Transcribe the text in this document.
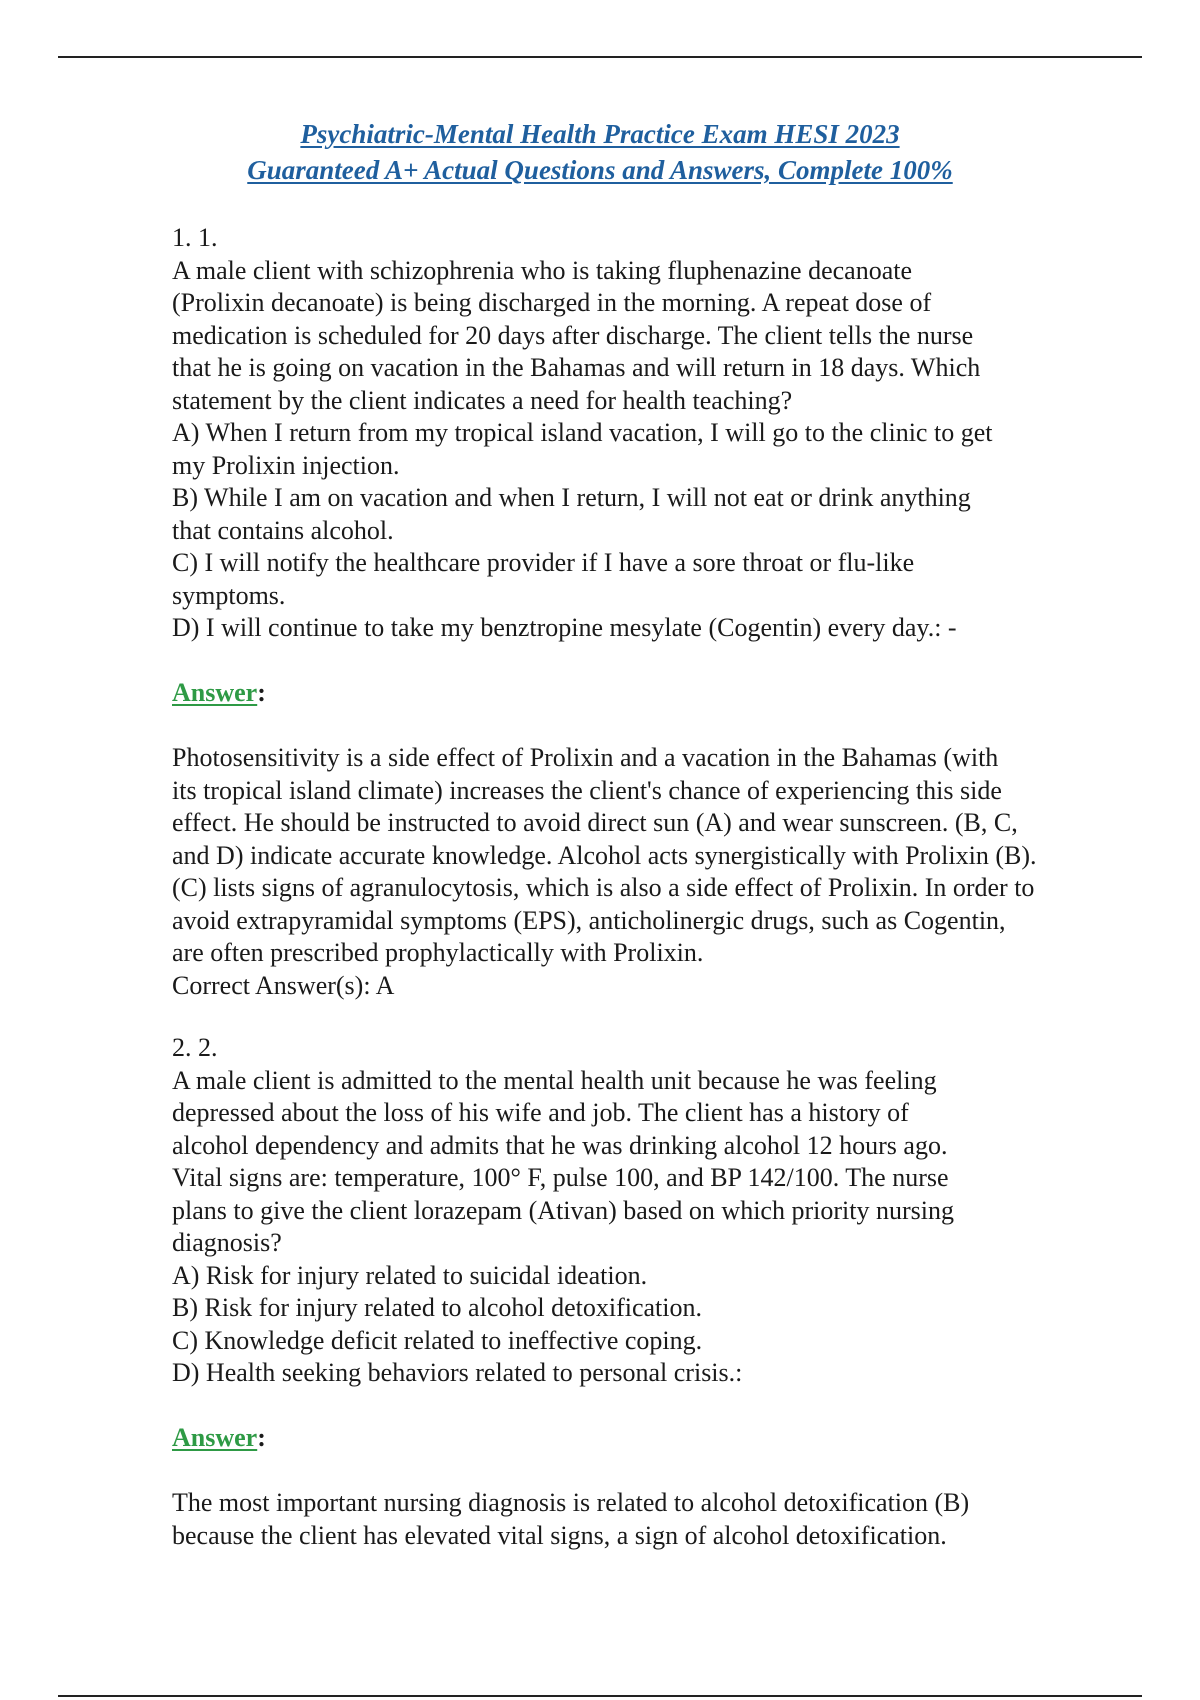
Psychiatric-Mental Health Practice Exam HESI 2023
Guaranteed A+ Actual Questions and Answers, Complete 100%
1. 1.
A male client with schizophrenia who is taking fluphenazine decanoate
(Prolixin decanoate) is being discharged in the morning. A repeat dose of
medication is scheduled for 20 days after discharge. The client tells the nurse
that he is going on vacation in the Bahamas and will return in 18 days. Which
statement by the client indicates a need for health teaching?
A) When I return from my tropical island vacation, I will go to the clinic to get
my Prolixin injection.
B) While I am on vacation and when I return, I will not eat or drink anything
that contains alcohol.
C) I will notify the healthcare provider if I have a sore throat or flu-like
symptoms.
D) I will continue to take my benztropine mesylate (Cogentin) every day.: -
Answer:
Photosensitivity is a side effect of Prolixin and a vacation in the Bahamas (with
its tropical island climate) increases the client's chance of experiencing this side
effect. He should be instructed to avoid direct sun (A) and wear sunscreen. (B, C,
and D) indicate accurate knowledge. Alcohol acts synergistically with Prolixin (B).
(C) lists signs of agranulocytosis, which is also a side effect of Prolixin. In order to
avoid extrapyramidal symptoms (EPS), anticholinergic drugs, such as Cogentin,
are often prescribed prophylactically with Prolixin.
Correct Answer(s): A
2. 2.
A male client is admitted to the mental health unit because he was feeling
depressed about the loss of his wife and job. The client has a history of
alcohol dependency and admits that he was drinking alcohol 12 hours ago.
Vital signs are: temperature, 100° F, pulse 100, and BP 142/100. The nurse
plans to give the client lorazepam (Ativan) based on which priority nursing
diagnosis?
A) Risk for injury related to suicidal ideation.
B) Risk for injury related to alcohol detoxification.
C) Knowledge deficit related to ineffective coping.
D) Health seeking behaviors related to personal crisis.:
Answer:
The most important nursing diagnosis is related to alcohol detoxification (B)
because the client has elevated vital signs, a sign of alcohol detoxification.
